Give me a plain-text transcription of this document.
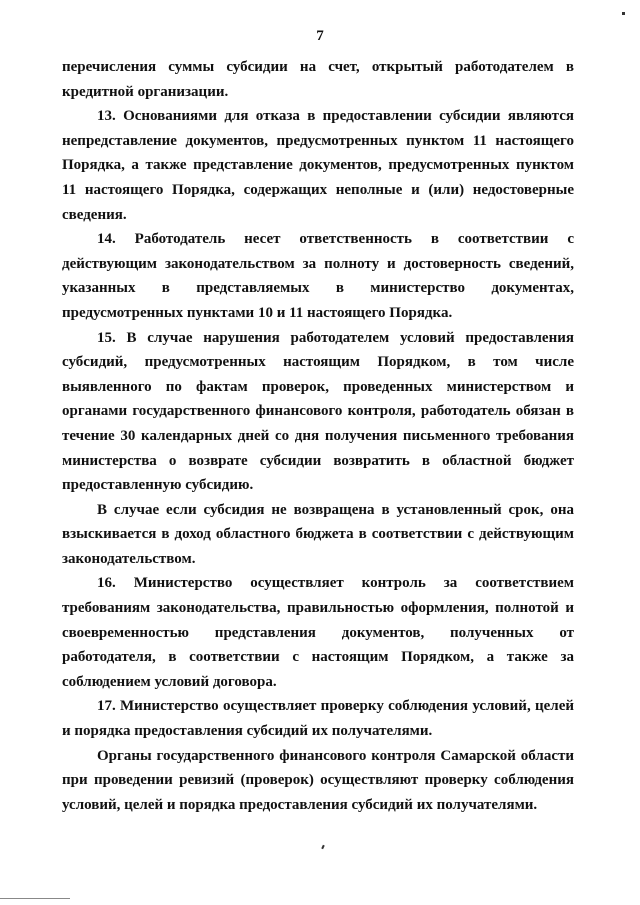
7

перечисления суммы субсидии на счет, открытый работодателем в кредитной организации.

13. Основаниями для отказа в предоставлении субсидии являются непредставление документов, предусмотренных пунктом 11 настоящего Порядка, а также представление документов, предусмотренных пунктом 11 настоящего Порядка, содержащих неполные и (или) недостоверные сведения.

14. Работодатель несет ответственность в соответствии с действующим законодательством за полноту и достоверность сведений, указанных в представляемых в министерство документах, предусмотренных пунктами 10 и 11 настоящего Порядка.

15. В случае нарушения работодателем условий предоставления субсидий, предусмотренных настоящим Порядком, в том числе выявленного по фактам проверок, проведенных министерством и органами государственного финансового контроля, работодатель обязан в течение 30 календарных дней со дня получения письменного требования министерства о возврате субсидии возвратить в областной бюджет предоставленную субсидию.

В случае если субсидия не возвращена в установленный срок, она взыскивается в доход областного бюджета в соответствии с действующим законодательством.

16. Министерство осуществляет контроль за соответствием требованиям законодательства, правильностью оформления, полнотой и своевременностью представления документов, полученных от работодателя, в соответствии с настоящим Порядком, а также за соблюдением условий договора.

17. Министерство осуществляет проверку соблюдения условий, целей и порядка предоставления субсидий их получателями.

Органы государственного финансового контроля Самарской области при проведении ревизий (проверок) осуществляют проверку соблюдения условий, целей и порядка предоставления субсидий их получателями.
